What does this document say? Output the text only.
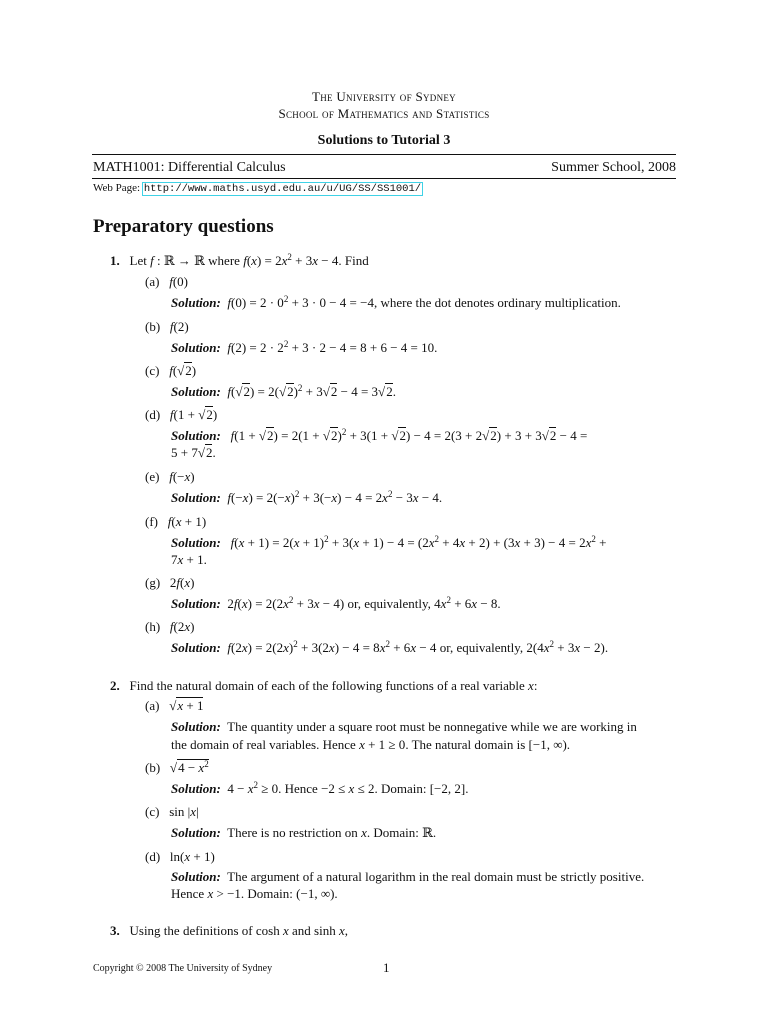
The University of Sydney
School of Mathematics and Statistics
Solutions to Tutorial 3
MATH1001: Differential Calculus	Summer School, 2008
Web Page: http://www.maths.usyd.edu.au/u/UG/SS/SS1001/
Preparatory questions
1.   Let f : ℝ → ℝ where $f(x) = 2x^2 + 3x - 4$. Find
(a) f(0)
Solution: $f(0) = 2 \cdot 0^2 + 3 \cdot 0 - 4 = -4$, where the dot denotes ordinary multiplication.
(b) f(2)
Solution: $f(2) = 2 \cdot 2^2 + 3 \cdot 2 - 4 = 8 + 6 - 4 = 10$.
(c) f(√2)
Solution: $f(√2) = 2(√2)^2 + 3√2 - 4 = 3√2$.
(d) f(1 + √2)
Solution: $f(1 + √2) = 2(1 + √2)^2 + 3(1 + √2) - 4 = 2(3 + 2√2) + 3 + 3√2 - 4$ =
5 + 7√2.
(e) f(−x)
Solution: $f(-x) = 2(-x)^2 + 3(-x) - 4 = 2x^2 - 3x - 4$.
(f) f(x + 1)
Solution: $f(x + 1) = 2(x + 1)^2 + 3(x + 1) - 4 = (2x^2 + 4x + 2) + (3x + 3) - 4 = 2x^2$ +
7x + 1.
(g)   2f(x)
Solution:  $2f(x) = 2(2x^2 + 3x - 4)$ or, equivalently, $4x^2 + 6x - 8$.
(h) f(2x)
Solution: $f(2x) = 2(2x)^2 + 3(2x) - 4 = 8x^2 + 6x - 4$ or, equivalently, $2(4x^2 + 3x - 2)$.
2. Find the natural domain of each of the following functions of a real variable x:
(a)   √x + 1
Solution: The quantity under a square root must be nonnegative while we are working in
the domain of real variables. Hence x + 1 ≥ 0. The natural domain is [−1, ∞).
(b)   $√4 - x^2$
Solution:  $4 - x^2 \ge 0$. Hence −2 ≤ x ≤ 2. Domain: [−2, 2].
(c)   sin |x|
Solution: There is no restriction on x. Domain: ℝ.
(d)   ln(x + 1)
Solution: The argument of a natural logarithm in the real domain must be strictly positive.
Hence x > −1. Domain: (−1, ∞).
3. Using the definitions of cosh x and sinh x,
Copyright © 2008 The University of Sydney	1
